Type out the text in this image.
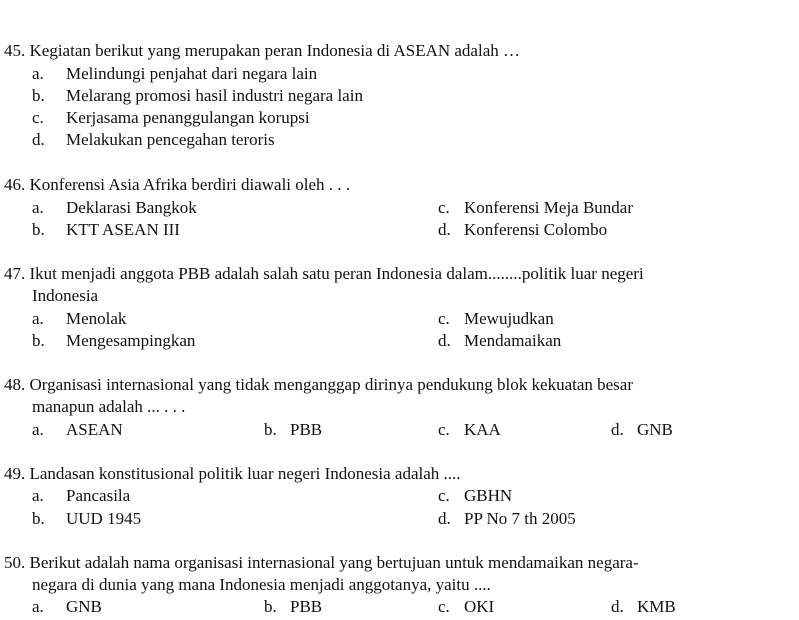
45. Kegiatan berikut yang merupakan peran Indonesia di ASEAN adalah …
a. Melindungi penjahat dari negara lain
b. Melarang promosi hasil industri negara lain
c. Kerjasama penanggulangan korupsi
d. Melakukan pencegahan teroris
46. Konferensi Asia Afrika berdiri diawali oleh . . .
a. Deklarasi Bangkok	c. Konferensi Meja Bundar
b. KTT ASEAN III	d. Konferensi Colombo
47. Ikut menjadi anggota PBB adalah salah satu peran Indonesia dalam........politik luar negeri
Indonesia
a. Menolak	c. Mewujudkan
b. Mengesampingkan	d. Mendamaikan
48. Organisasi internasional yang tidak menganggap dirinya pendukung blok kekuatan besar
manapun adalah ... . . .
a. ASEAN	b. PBB	c. KAA	d. GNB
49. Landasan konstitusional politik luar negeri Indonesia adalah ....
a. Pancasila	c. GBHN
b. UUD 1945	d. PP No 7 th 2005
50. Berikut adalah nama organisasi internasional yang bertujuan untuk mendamaikan negara-
negara di dunia yang mana Indonesia menjadi anggotanya, yaitu ....
a. GNB	b. PBB	c. OKI	d. KMB
